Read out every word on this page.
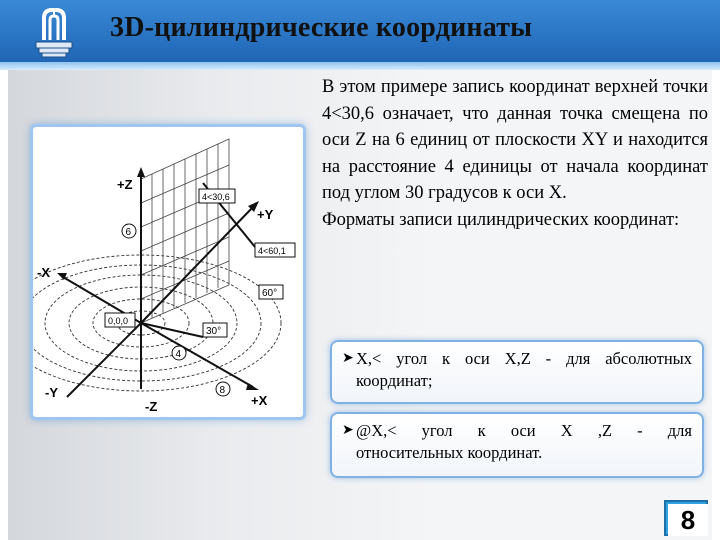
3D-цилиндрические координаты
+Z
-Z
+Y
-Y
+X
-X
4<30,6
4<60,1
0,0,0
60°
30°
6
4
8

В этом примере запись координат верхней точки 4<30,6 означает, что данная точка смещена по оси Z на 6 единиц от плоскости XY и находится на расстояние 4 единицы от начала координат под углом 30 градусов к оси X.

Форматы записи цилиндрических координат:

➤ X,< угол к оси X,Z - для абсолютных
координат;
➤ @X,< угол к оси X ,Z - для
относительных координат.
8
